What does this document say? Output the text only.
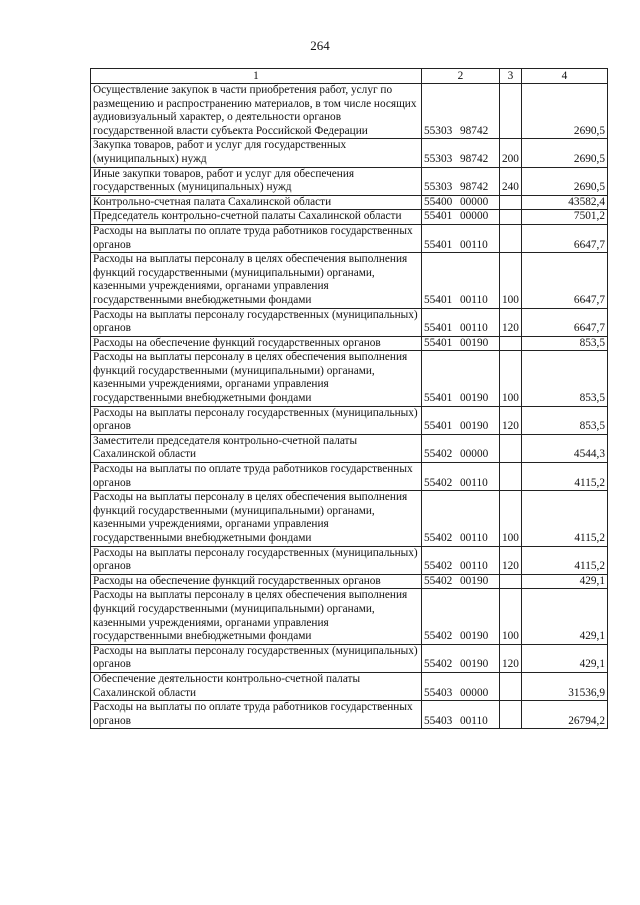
264
1	2	3	4
Осуществление закупок в части приобретения работ, услуг по размещению и распространению материалов, в том числе носящих аудиовизуальный характер, о деятельности органов государственной власти субъекта Российской Федерации	55303 98742		2690,5
Закупка товаров, работ и услуг для государственных (муниципальных) нужд	55303 98742	200	2690,5
Иные закупки товаров, работ и услуг для обеспечения государственных (муниципальных) нужд	55303 98742	240	2690,5
Контрольно-счетная палата Сахалинской области	55400 00000		43582,4
Председатель контрольно-счетной палаты Сахалинской области	55401 00000		7501,2
Расходы на выплаты по оплате труда работников государственных органов	55401 00110		6647,7
Расходы на выплаты персоналу в целях обеспечения выполнения функций государственными (муниципальными) органами, казенными учреждениями, органами управления государственными внебюджетными фондами	55401 00110	100	6647,7
Расходы на выплаты персоналу государственных (муниципальных) органов	55401 00110	120	6647,7
Расходы на обеспечение функций государственных органов	55401 00190		853,5
Расходы на выплаты персоналу в целях обеспечения выполнения функций государственными (муниципальными) органами, казенными учреждениями, органами управления государственными внебюджетными фондами	55401 00190	100	853,5
Расходы на выплаты персоналу государственных (муниципальных) органов	55401 00190	120	853,5
Заместители председателя контрольно-счетной палаты Сахалинской области	55402 00000		4544,3
Расходы на выплаты по оплате труда работников государственных органов	55402 00110		4115,2
Расходы на выплаты персоналу в целях обеспечения выполнения функций государственными (муниципальными) органами, казенными учреждениями, органами управления государственными внебюджетными фондами	55402 00110	100	4115,2
Расходы на выплаты персоналу государственных (муниципальных) органов	55402 00110	120	4115,2
Расходы на обеспечение функций государственных органов	55402 00190		429,1
Расходы на выплаты персоналу в целях обеспечения выполнения функций государственными (муниципальными) органами, казенными учреждениями, органами управления государственными внебюджетными фондами	55402 00190	100	429,1
Расходы на выплаты персоналу государственных (муниципальных) органов	55402 00190	120	429,1
Обеспечение деятельности контрольно-счетной палаты Сахалинской области	55403 00000		31536,9
Расходы на выплаты по оплате труда работников государственных органов	55403 00110		26794,2
